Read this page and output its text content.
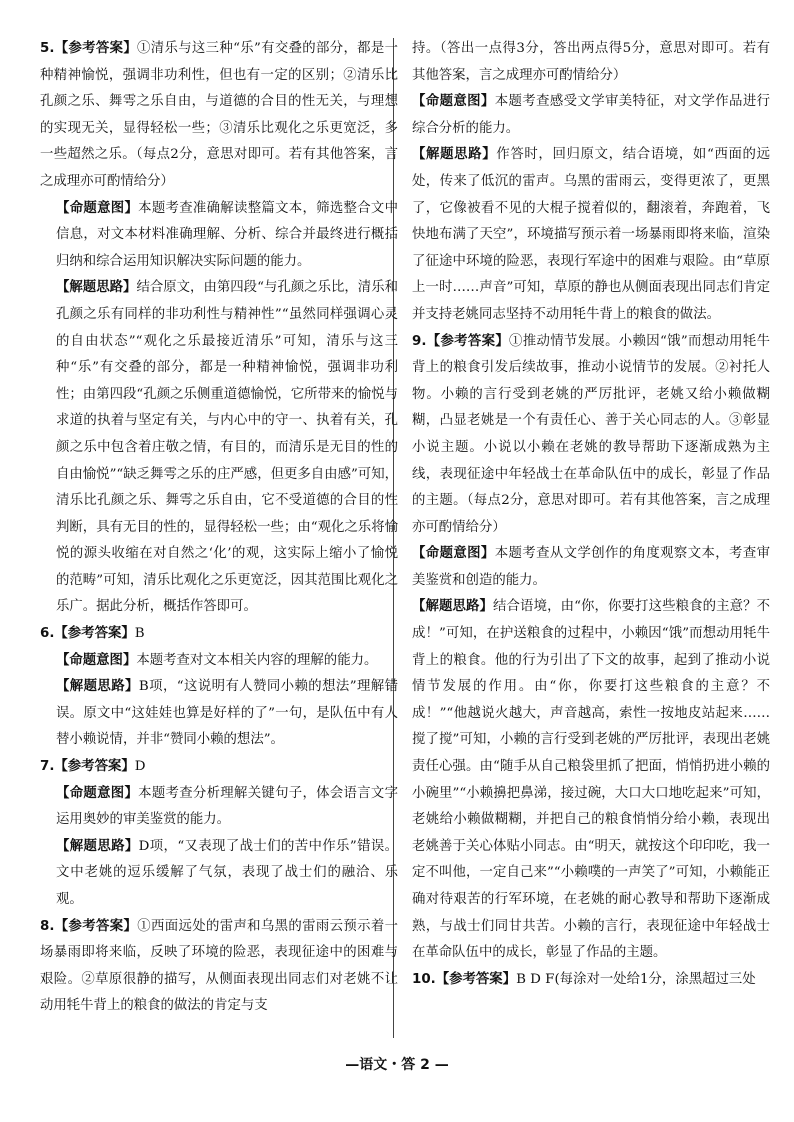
5.【参考答案】①清乐与这三种“乐”有交叠的部分，都是一种精神愉悦，强调非功利性，但也有一定的区别；②清乐比孔颜之乐、舞雩之乐自由，与道德的合目的性无关，与理想的实现无关，显得轻松一些；③清乐比观化之乐更宽泛，多一些超然之乐。（每点2分，意思对即可。若有其他答案，言之成理亦可酌情给分）

【命题意图】本题考查准确解读整篇文本，筛选整合文中信息，对文本材料准确理解、分析、综合并最终进行概括归纳和综合运用知识解决实际问题的能力。

【解题思路】结合原文，由第四段“与孔颜之乐比，清乐和孔颜之乐有同样的非功利性与精神性”“虽然同样强调心灵的自由状态”“观化之乐最接近清乐”可知，清乐与这三种“乐”有交叠的部分，都是一种精神愉悦，强调非功利性；由第四段“孔颜之乐侧重道德愉悦，它所带来的愉悦与求道的执着与坚定有关，与内心中的守一、执着有关，孔颜之乐中包含着庄敬之情，有目的，而清乐是无目的性的自由愉悦”“缺乏舞雩之乐的庄严感，但更多自由感”可知，清乐比孔颜之乐、舞雩之乐自由，它不受道德的合目的性判断，具有无目的性的，显得轻松一些；由“观化之乐将愉悦的源头收缩在对自然之‘化’的观，这实际上缩小了愉悦的范畴”可知，清乐比观化之乐更宽泛，因其范围比观化之乐广。据此分析，概括作答即可。

6.【参考答案】B

【命题意图】本题考查对文本相关内容的理解的能力。

【解题思路】B项，“这说明有人赞同小赖的想法”理解错误。原文中“这娃娃也算是好样的了”一句，是队伍中有人替小赖说情，并非“赞同小赖的想法”。

7.【参考答案】D

【命题意图】本题考查分析理解关键句子，体会语言文字运用奥妙的审美鉴赏的能力。

【解题思路】D项，“又表现了战士们的苦中作乐”错误。文中老姚的逗乐缓解了气氛，表现了战士们的融洽、乐观。

8.【参考答案】①西面远处的雷声和乌黑的雷雨云预示着一场暴雨即将来临，反映了环境的险恶，表现征途中的困难与艰险。②草原很静的描写，从侧面表现出同志们对老姚不让动用牦牛背上的粮食的做法的肯定与支

持。（答出一点得3分，答出两点得5分，意思对即可。若有其他答案，言之成理亦可酌情给分）

【命题意图】本题考查感受文学审美特征，对文学作品进行综合分析的能力。

【解题思路】作答时，回归原文，结合语境，如“西面的远处，传来了低沉的雷声。乌黑的雷雨云，变得更浓了，更黑了，它像被看不见的大棍子搅着似的，翻滚着，奔跑着，飞快地布满了天空”，环境描写预示着一场暴雨即将来临，渲染了征途中环境的险恶，表现行军途中的困难与艰险。由“草原上一时……声音”可知，草原的静也从侧面表现出同志们肯定并支持老姚同志坚持不动用牦牛背上的粮食的做法。

9.【参考答案】①推动情节发展。小赖因“饿”而想动用牦牛背上的粮食引发后续故事，推动小说情节的发展。②衬托人物。小赖的言行受到老姚的严厉批评，老姚又给小赖做糊糊，凸显老姚是一个有责任心、善于关心同志的人。③彰显小说主题。小说以小赖在老姚的教导帮助下逐渐成熟为主线，表现征途中年轻战士在革命队伍中的成长，彰显了作品的主题。（每点2分，意思对即可。若有其他答案，言之成理亦可酌情给分）

【命题意图】本题考查从文学创作的角度观察文本，考查审美鉴赏和创造的能力。

【解题思路】结合语境，由“你，你要打这些粮食的主意？不成！”可知，在护送粮食的过程中，小赖因“饿”而想动用牦牛背上的粮食。他的行为引出了下文的故事，起到了推动小说情节发展的作用。由“你，你要打这些粮食的主意？不成！”“他越说火越大，声音越高，索性一按地皮站起来……搅了搅”可知，小赖的言行受到老姚的严厉批评，表现出老姚责任心强。由“随手从自己粮袋里抓了把面，悄悄扔进小赖的小碗里”“小赖擤把鼻涕，接过碗，大口大口地吃起来”可知，老姚给小赖做糊糊，并把自己的粮食悄悄分给小赖，表现出老姚善于关心体贴小同志。由“明天，就按这个印印吃，我一定不叫他，一定自己来”“小赖噗的一声笑了”可知，小赖能正确对待艰苦的行军环境，在老姚的耐心教导和帮助下逐渐成熟，与战士们同甘共苦。小赖的言行，表现征途中年轻战士在革命队伍中的成长，彰显了作品的主题。

10.【参考答案】B D F(每涂对一处给1分，涂黑超过三处

—语文・答 2 —
